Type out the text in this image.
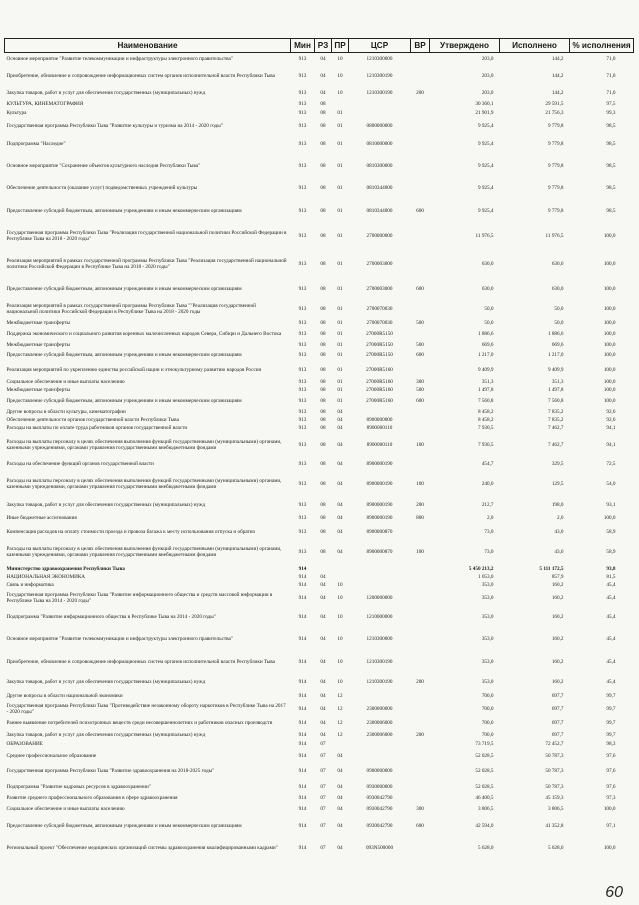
Наименование	Мин	РЗ	ПР	ЦСР	ВР	Утверждено	Исполнено	% исполнения
Основное мероприятие "Развитие телекоммуникации и инфраструктуры электронного правительства"	913	04	10	1210300000		203,0	144,2	71,0
Приобретение, обновление и сопровождение информационных систем органов исполнительной власти Республики Тыва	913	04	10	1210300190		203,0	144,2	71,0
Закупка товаров, работ и услуг для обеспечения государственных (муниципальных) нужд	913	04	10	1210300190	200	203,0	144,2	71,0
КУЛЬТУРА, КИНЕМАТОГРАФИЯ	913	08				30 360,1	29 591,5	97,5
Культура	913	08	01			21 901,9	21 756,3	99,3
Государственная программа Республики Тыва "Развитие культуры и туризма на 2014 - 2020 годы"	913	08	01	0800000000		9 925,4	9 779,8	98,5
Подпрограмма "Наследие"	913	08	01	0810000000		9 925,4	9 779,8	98,5
Основное мероприятие "Сохранение объектов культурного наследия Республики Тыва"	913	08	01	0810300000		9 925,4	9 779,8	98,5
Обеспечение деятельности (оказание услуг) подведомственных учреждений культуры	913	08	01	0810344000		9 925,4	9 779,8	98,5
Предоставление субсидий бюджетным, автономным учреждениям и иным некоммерческим организациям	913	08	01	0810344000	600	9 925,4	9 779,8	98,5
Государственная программа Республики Тыва "Реализация государственной национальной политики Российской Федерации в Республике Тыва на 2018 - 2020 годы"	913	08	01	2700000000		11 976,5	11 976,5	100,0
Реализация мероприятий в рамках государственной программы Республики Тыва "Реализация государственной национальной политики Российской Федерации в Республике Тыва на 2018 - 2020 годы"	913	08	01	2700003000		630,0	630,0	100,0
Предоставление субсидий бюджетным, автономным учреждениям и иным некоммерческим организациям	913	08	01	2700003000	600	630,0	630,0	100,0
Реализация мероприятий в рамках государственной программы Республики Тыва ""Реализация государственной национальной политики Российской Федерации в Республике Тыва на 2018 - 2020 годы	913	08	01	2700070030		50,0	50,0	100,0
Межбюджетные трансферты	913	08	01	2700070030	500	50,0	50,0	100,0
Поддержка экономического и социального развития коренных малочисленных народов Севера, Сибири и Дальнего Востока	913	08	01	27000R5150		1 886,6	1 886,6	100,0
Межбюджетные трансферты	913	08	01	27000R5150	500	669,6	669,6	100,0
Предоставление субсидий бюджетным, автономным учреждениям и иным некоммерческим организациям	913	08	01	27000R5150	600	1 217,0	1 217,0	100,0
Реализация мероприятий по укреплению единства российской нации и этнокультурному развитию народов России	913	08	01	27000R5160		9 409,9	9 409,9	100,0
Социальное обеспечение и иные выплаты населению	913	08	01	27000R5160	300	351,3	351,3	100,0
Межбюджетные трансферты	913	08	01	27000R5160	500	1 497,8	1 497,8	100,0
Предоставление субсидий бюджетным, автономным учреждениям и иным некоммерческим организациям	913	08	01	27000R5160	600	7 560,8	7 560,8	100,0
Другие вопросы в области культуры, кинематографии	913	08	04			8 458,2	7 835,2	92,6
Обеспечение деятельности органов государственной власти Республики Тыва	913	08	04	8900000000		8 458,2	7 835,2	92,6
Расходы на выплаты по оплате труда работников органов государственной власти	913	08	04	8900000110		7 930,5	7 462,7	94,1
Расходы на выплаты персоналу в целях обеспечения выполнения функций государственными (муниципальными) органами, казенными учреждениями, органами управления государственными внебюджетными фондами	913	08	04	8900000110	100	7 930,5	7 462,7	94,1
Расходы на обеспечение функций органов государственной власти	913	08	04	8900000190		454,7	329,5	72,5
Расходы на выплаты персоналу в целях обеспечения выполнения функций государственными (муниципальными) органами, казенными учреждениями, органами управления государственными внебюджетными фондами	913	08	04	8900000190	100	240,0	129,5	54,0
Закупка товаров, работ и услуг для обеспечения государственных (муниципальных) нужд	913	08	04	8900000190	200	212,7	198,0	93,1
Иные бюджетные ассигнования	913	08	04	8900000190	800	2,0	2,0	100,0
Компенсация расходов на оплату стоимости проезда и провоза багажа к месту использования отпуска и обратно	913	08	04	8900000870		73,0	43,0	58,9
Расходы на выплаты персоналу в целях обеспечения выполнения функций государственными (муниципальными) органами, казенными учреждениями, органами управления государственными внебюджетными фондами	913	08	04	8900000870	100	73,0	43,0	58,9
Министерство здравоохранения Республики Тыва	914					5 450 213,2	5 111 172,5	93,8
НАЦИОНАЛЬНАЯ ЭКОНОМИКА	914	04				1 053,0	857,9	81,5
Связь и информатика	914	04	10			353,0	160,2	45,4
Государственная программа Республики Тыва "Развитие информационного общества и средств массовой информации в Республике Тыва на 2014 - 2020 годы"	914	04	10	1200000000		353,0	160,2	45,4
Подпрограмма "Развитие информационного общества в Республике Тыва на 2014 - 2020 годы"	914	04	10	1210000000		353,0	160,2	45,4
Основное мероприятие "Развитие телекоммуникации и инфраструктуры электронного правительства"	914	04	10	1210300000		353,0	160,2	45,4
Приобретение, обновление и сопровождение информационных систем органов исполнительной власти Республики Тыва	914	04	10	1210300190		353,0	160,2	45,4
Закупка товаров, работ и услуг для обеспечения государственных (муниципальных) нужд	914	04	10	1210300190	200	353,0	160,2	45,4
Другие вопросы в области национальной экономики	914	04	12			700,0	697,7	99,7
Государственная программа Республики Тыва "Противодействие незаконному обороту наркотиков в Республике Тыва на 2017 - 2020 годы"	914	04	12	2300000000		700,0	697,7	99,7
Раннее выявление потребителей психотропных веществ среди несовершеннолетних и работников опасных производств	914	04	12	2300006000		700,0	697,7	99,7
Закупка товаров, работ и услуг для обеспечения государственных (муниципальных) нужд	914	04	12	2300006000	200	700,0	697,7	99,7
ОБРАЗОВАНИЕ	914	07				73 719,5	72 452,7	98,3
Среднее профессиональное образование	914	07	04			52 028,5	50 787,3	97,6
Государственная программа Республики Тыва "Развитие здравоохранения на 2018-2025 годы"	914	07	04	0900000000		52 028,5	50 787,3	97,6
Подпрограмма "Развитие кадровых ресурсов в здравоохранении"	914	07	04	0930000000		52 028,5	50 787,3	97,6
Развитие среднего профессионального образования в сфере здравоохранения	914	07	04	0930042790		46 400,5	45 159,3	97,3
Социальное обеспечение и иные выплаты населению	914	07	04	0930042790	300	3 806,5	3 806,5	100,0
Предоставление субсидий бюджетным, автономным учреждениям и иным некоммерческим организациям	914	07	04	0930042790	600	42 594,0	41 352,8	97,1
Региональный проект "Обеспечение медицинских организаций системы здравоохранения квалифицированными кадрами"	914	07	04	093N500000		5 628,0	5 628,0	100,0
60
